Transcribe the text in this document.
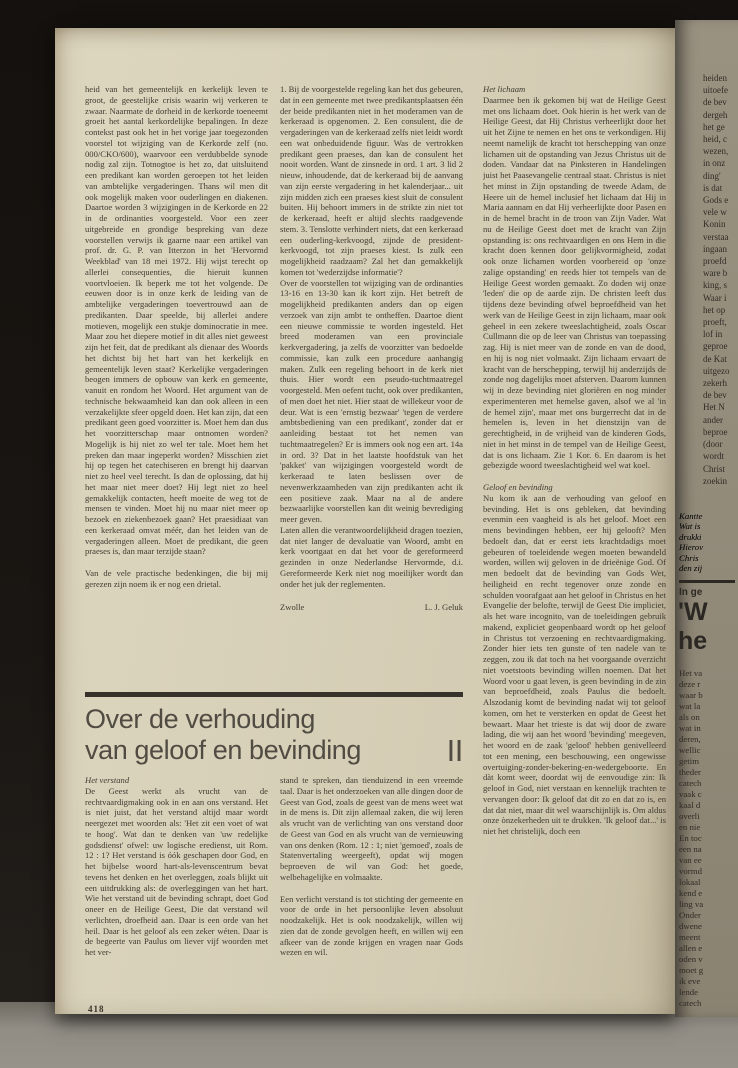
heid van het gemeentelijk en kerkelijk leven te groot, de geestelijke crisis waarin wij verkeren te zwaar. Naarmate de dorheid in de kerkorde toeneemt groeit het aantal kerkordelijke bepalingen. In deze contekst past ook het in het vorige jaar toegezonden voorstel tot wijziging van de Kerkorde zelf (no. 000/CKO/600), waarvoor een verdubbelde synode nodig zal zijn. Totnogtoe is het zo, dat uitsluitend een predikant kan worden geroepen tot het leiden van ambtelijke vergaderingen. Thans wil men dit ook mogelijk maken voor ouderlingen en diakenen. Daartoe worden 3 wijzigingen in de Kerkorde en 22 in de ordinanties voorgesteld. Voor een zeer uitgebreide en grondige bespreking van deze voorstellen verwijs ik gaarne naar een artikel van prof. dr. G. P. van Itterzon in het 'Hervormd Weekblad' van 18 mei 1972. Hij wijst terecht op allerlei consequenties, die hieruit kunnen voortvloeien. Ik beperk me tot het volgende. De eeuwen door is in onze kerk de leiding van de ambtelijke vergaderingen toevertrouwd aan de predikanten. Daar speelde, bij allerlei andere motieven, mogelijk een stukje dominocratie in mee. Maar zou het diepere motief in dit alles niet geweest zijn het feit, dat de predikant als dienaar des Woords het dichtst bij het hart van het kerkelijk en gemeentelijk leven staat? Kerkelijke vergaderingen beogen immers de opbouw van kerk en gemeente, vanuit en rondom het Woord. Het argument van de technische bekwaamheid kan dan ook alleen in een verzakelijkte sfeer opgeld doen. Het kan zijn, dat een predikant geen goed voorzitter is. Moet hem dan dus het voorzitterschap maar ontnomen worden? Mogelijk is hij niet zo wel ter tale. Moet hem het preken dan maar ingeperkt worden? Misschien ziet hij op tegen het catechiseren en brengt hij daarvan niet zo heel veel terecht. Is dan de oplossing, dat hij het maar niet meer doet? Hij legt niet zo heel gemakkelijk contacten, heeft moeite de weg tot de mensen te vinden. Moet hij nu maar niet meer op bezoek en ziekenbezoek gaan? Het praesidiaat van een kerkeraad omvat méér, dan het leiden van de vergaderingen alleen. Moet de predikant, die geen praeses is, dan maar terzijde staan?

Van de vele practische bedenkingen, die bij mij gerezen zijn noem ik er nog een drietal.

1. Bij de voorgestelde regeling kan het dus gebeuren, dat in een gemeente met twee predikantsplaatsen één der beide predikanten niet in het moderamen van de kerkeraad is opgenomen. 2. Een consulent, die de vergaderingen van de kerkeraad zelfs niet leidt wordt een wat onbeduidende figuur. Was de vertrokken predikant geen praeses, dan kan de consulent het nooit worden. Want de zinsnede in ord. 1 art. 3 lid 2 nieuw, inhoudende, dat de kerkeraad bij de aanvang van zijn eerste vergadering in het kalenderjaar... uit zijn midden zich een praeses kiest sluit de consulent buiten. Hij behoort immers in de strikte zin niet tot de kerkeraad, heeft er altijd slechts raadgevende stem. 3. Tenslotte verhindert niets, dat een kerkeraad een ouderling-kerkvoogd, zijnde de president-kerkvoogd, tot zijn praeses kiest. Is zulk een mogelijkheid raadzaam? Zal het dan gemakkelijk komen tot 'wederzijdse informatie'?

Over de voorstellen tot wijziging van de ordinanties 13-16 en 13-30 kan ik kort zijn. Het betreft de mogelijkheid predikanten anders dan op eigen verzoek van zijn ambt te ontheffen. Daartoe dient een nieuwe commissie te worden ingesteld. Het breed moderamen van een provinciale kerkvergadering, ja zelfs de voorzitter van bedoelde commissie, kan zulk een procedure aanhangig maken. Zulk een regeling behoort in de kerk niet thuis. Hier wordt een pseudo-tuchtmaatregel voorgesteld. Men oefent tucht, ook over predikanten, of men doet het niet. Hier staat de willekeur voor de deur. Wat is een 'ernstig bezwaar' 'tegen de verdere ambtsbediening van een predikant', zonder dat er aanleiding bestaat tot het nemen van tuchtmaatregelen? Er is immers ook nog een art. 14a in ord. 3? Dat in het laatste hoofdstuk van het 'pakket' van wijzigingen voorgesteld wordt de kerkeraad te laten beslissen over de nevenwerkzaamheden van zijn predikanten acht ik een positieve zaak. Maar na al de andere bezwaarlijke voorstellen kan dit weinig bevrediging meer geven.

Laten allen die verantwoordelijkheid dragen toezien, dat niet langer de devaluatie van Woord, ambt en kerk voortgaat en dat het voor de gereformeerd gezinden in onze Nederlandse Hervormde, d.i. Gereformeerde Kerk niet nog moeilijker wordt dan onder het juk der reglementen.

Zwolle	L. J. Geluk
Het lichaam

Daarmee ben ik gekomen bij wat de Heilige Geest met ons lichaam doet. Ook hierin is het werk van de Heilige Geest, dat Hij Christus verheerlijkt door het uit het Zijne te nemen en het ons te verkondigen. Hij neemt namelijk de kracht tot herschepping van onze lichamen uit de opstanding van Jezus Christus uit de doden. Vandaar dat na Pinksteren in Handelingen juist het Paasevangelie centraal staat. Christus is niet het minst in Zijn opstanding de tweede Adam, de Heere uit de hemel inclusief het lichaam dat Hij in Maria aannam en dat Hij verheerlijkte door Pasen en in de hemel bracht in de troon van Zijn Vader. Wat nu de Heilige Geest doet met de kracht van Zijn opstanding is: ons rechtvaardigen en ons Hem in die kracht doen kennen door gelijkvormigheid, zodat ook onze lichamen worden voorbereid op 'onze zalige opstanding' en reeds hier tot tempels van de Heilige Geest worden gemaakt. Zo doden wij onze 'leden' die op de aarde zijn. De christen leeft dus tijdens deze bevinding ofwel beproefdheid van het werk van de Heilige Geest in zijn lichaam, maar ook geheel in een zekere tweeslachtigheid, zoals Oscar Cullmann die op de leer van Christus van toepassing zag. Hij is niet meer van de zonde en van de dood, en hij is nog niet volmaakt. Zijn lichaam ervaart de kracht van de herschepping, terwijl hij anderzijds de zonde nog dagelijks moet afsterven. Daarom kunnen wij in deze bevinding niet gloriëren en nog minder experimenteren met hemelse gaven, alsof we al 'in de hemel zijn', maar met ons burgerrecht dat in de hemelen is, leven in het dienstzijn van de gerechtigheid, in de vrijheid van de kinderen Gods, niet in het minst in de tempel van de Heilige Geest, dat is ons lichaam. Zie 1 Kor. 6. En daarom is het gebezigde woord tweeslachtigheid wel wat koel.

Geloof en bevinding

Nu kom ik aan de verhouding van geloof en bevinding. Het is ons gebleken, dat bevinding evenmin een vaagheid is als het geloof. Moet een mens bevindingen hebben, eer hij gelooft? Men bedoelt dan, dat er eerst iets krachtdadigs moet gebeuren of toeleidende wegen moeten bewandeld worden, willen wij geloven in de drieënige God. Of men bedoelt dat de bevinding van Gods Wet, heiligheid en recht tegenover onze zonde en schulden voorafgaat aan het geloof in Christus en het Evangelie der belofte, terwijl de Geest Die impliciet, als het ware incognito, van de toeleidingen gebruik makend, expliciet geopenbaard wordt op het geloof in Christus tot verzoening en rechtvaardigmaking. Zonder hier iets ten gunste of ten nadele van te zeggen, zou ik dat toch na het voorgaande overzicht niet voetstoots bevinding willen noemen. Dat het Woord voor u gaat leven, is geen bevinding in de zin van beproefdheid, zoals Paulus die bedoelt. Alszodanig komt de bevinding nadat wij tot geloof komen, om het te versterken en opdat de Geest het bewaart. Maar het trieste is dat wij door de zware lading, die wij aan het woord 'bevinding' meegeven, het woord en de zaak 'geloof' hebben genivelleerd tot een mening, een beschouwing, een ongewisse overtuiging-zonder-bekering-en-wedergeboorte. En dàt komt weer, doordat wij de eenvoudige zin: Ik geloof in God, niet verstaan en kennelijk trachten te vervangen door: Ik geloof dat dit zo en dat zo is, en dat dat niet, maar dit wel waarschijnlijk is. Om aldus onze ònzekerheden uit te drukken. 'Ik geloof dat...' is niet het christelijk, doch een

Over de verhouding
van geloof en bevinding	II
Het verstand

De Geest werkt als vrucht van de rechtvaardigmaking ook in en aan ons verstand. Het is niet juist, dat het verstand altijd maar wordt neergezet met woorden als: 'Het zit een voet of wat te hoog'. Wat dan te denken van 'uw redelijke godsdienst' ofwel: uw logische eredienst, uit Rom. 12 : 1? Het verstand is óók geschapen door God, en het bijbelse woord hart-als-levenscentrum bevat tevens het denken en het overleggen, zoals blijkt uit een uitdrukking als: de overleggingen van het hart. Wie het verstand uit de bevinding schrapt, doet God oneer en de Heilige Geest, Die dat verstand wil verlichten, droefheid aan. Daar is een orde van het heil. Daar is het geloof als een zeker wéten. Daar is de begeerte van Paulus om liever vijf woorden met het ver-

stand te spreken, dan tienduizend in een vreemde taal. Daar is het onderzoeken van alle dingen door de Geest van God, zoals de geest van de mens weet wat in de mens is. Dit zijn allemaal zaken, die wij leren als vrucht van de verlichting van ons verstand door de Geest van God en als vrucht van de vernieuwing van ons denken (Rom. 12 : 1; niet 'gemoed', zoals de Statenvertaling weergeeft), opdat wij mogen beproeven de wil van God: het goede, welbehagelijke en volmaakte.

Een verlicht verstand is tot stichting der gemeente en voor de orde in het persoonlijke leven absoluut noodzakelijk. Het is ook noodzakelijk, willen wij zien dat de zonde gevolgen heeft, en willen wij een afkeer van de zonde krijgen en vragen naar Gods wezen en wil.

418
heiden
uitoefe
de bev
dergeh
het ge
heid, c
wezen,
in onz
ding'
is dat
Gods e
vele w
Konin
verstaa
ingaan
proefd
ware b
king, s
Waar i
het op
proeft,
lof in
geproe
de Kat
uitgezo
zekerh
de bev
Het N
ander
beproe
(door
wordt
Christ
zoekin
Kantte
Wat is
drukki
Hierov
Chris
den zij
In ge
'W
he
Het va
deze r
waar b
wat la
als on
wat in
deren,
wellic
getim
theder
catech
vaak c
kaal d
overli
en nie
En toc
een na
van ee
vormd
lokaal
kend e
ling va
Onder
dwene
meent
allen e
oden v
moet g
ik eve
lende
catech
